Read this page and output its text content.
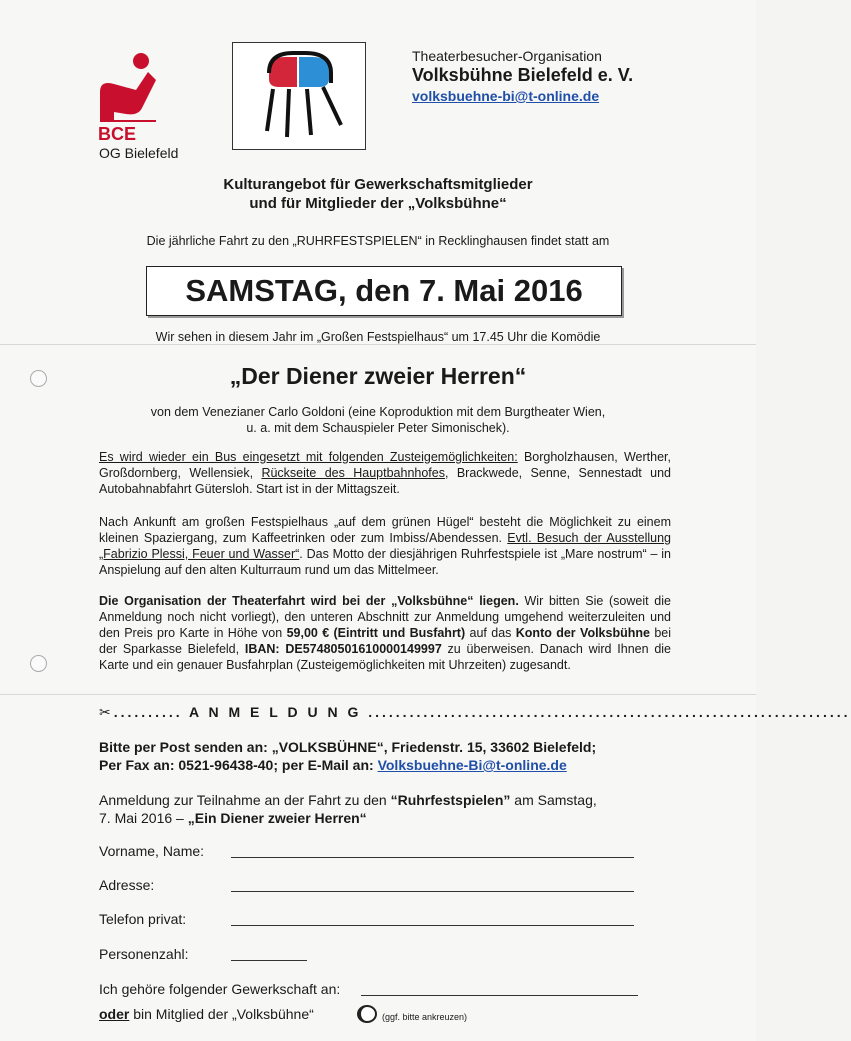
BCE
OG Bielefeld
Theaterbesucher-Organisation
Volksbühne Bielefeld e. V.
volksbuehne-bi@t-online.de
Kulturangebot für Gewerkschaftsmitglieder
und für Mitglieder der „Volksbühne“
Die jährliche Fahrt zu den „RUHRFESTSPIELEN“ in Recklinghausen findet statt am
SAMSTAG, den 7. Mai 2016
Wir sehen in diesem Jahr im „Großen Festspielhaus“ um 17.45 Uhr die Komödie
„Der Diener zweier Herren“
von dem Venezianer Carlo Goldoni (eine Koproduktion mit dem Burgtheater Wien,
u. a. mit dem Schauspieler Peter Simonischek).
Es wird wieder ein Bus eingesetzt mit folgenden Zusteigemöglichkeiten: Borgholzhausen, Werther, Großdornberg, Wellensiek, Rückseite des Hauptbahnhofes, Brackwede, Senne, Sennestadt und Autobahnabfahrt Gütersloh. Start ist in der Mittagszeit.
Nach Ankunft am großen Festspielhaus „auf dem grünen Hügel“ besteht die Möglichkeit zu einem kleinen Spaziergang, zum Kaffeetrinken oder zum Imbiss/Abendessen. Evtl. Besuch der Ausstellung „Fabrizio Plessi, Feuer und Wasser“. Das Motto der diesjährigen Ruhrfestspiele ist „Mare nostrum“ – in Anspielung auf den alten Kulturraum rund um das Mittelmeer.
Die Organisation der Theaterfahrt wird bei der „Volksbühne“ liegen. Wir bitten Sie (soweit die Anmeldung noch nicht vorliegt), den unteren Abschnitt zur Anmeldung umgehend weiterzuleiten und den Preis pro Karte in Höhe von 59,00 € (Eintritt und Busfahrt) auf das Konto der Volksbühne bei der Sparkasse Bielefeld, IBAN: DE57480501610000149997 zu überweisen. Danach wird Ihnen die Karte und ein genauer Busfahrplan (Zusteigemöglichkeiten mit Uhrzeiten) zugesandt.
✂.......... A N M E L D U N G ......................................................................
Bitte per Post senden an: „VOLKSBÜHNE“, Friedenstr. 15, 33602 Bielefeld;
Per Fax an: 0521-96438-40; per E-Mail an: Volksbuehne-Bi@t-online.de
Anmeldung zur Teilnahme an der Fahrt zu den “Ruhrfestspielen” am Samstag,
7. Mai 2016 – „Ein Diener zweier Herren“
Vorname, Name:
Adresse:
Telefon privat:
Personenzahl:
Ich gehöre folgender Gewerkschaft an:
oder bin Mitglied der „Volksbühne“	(ggf. bitte ankreuzen)
